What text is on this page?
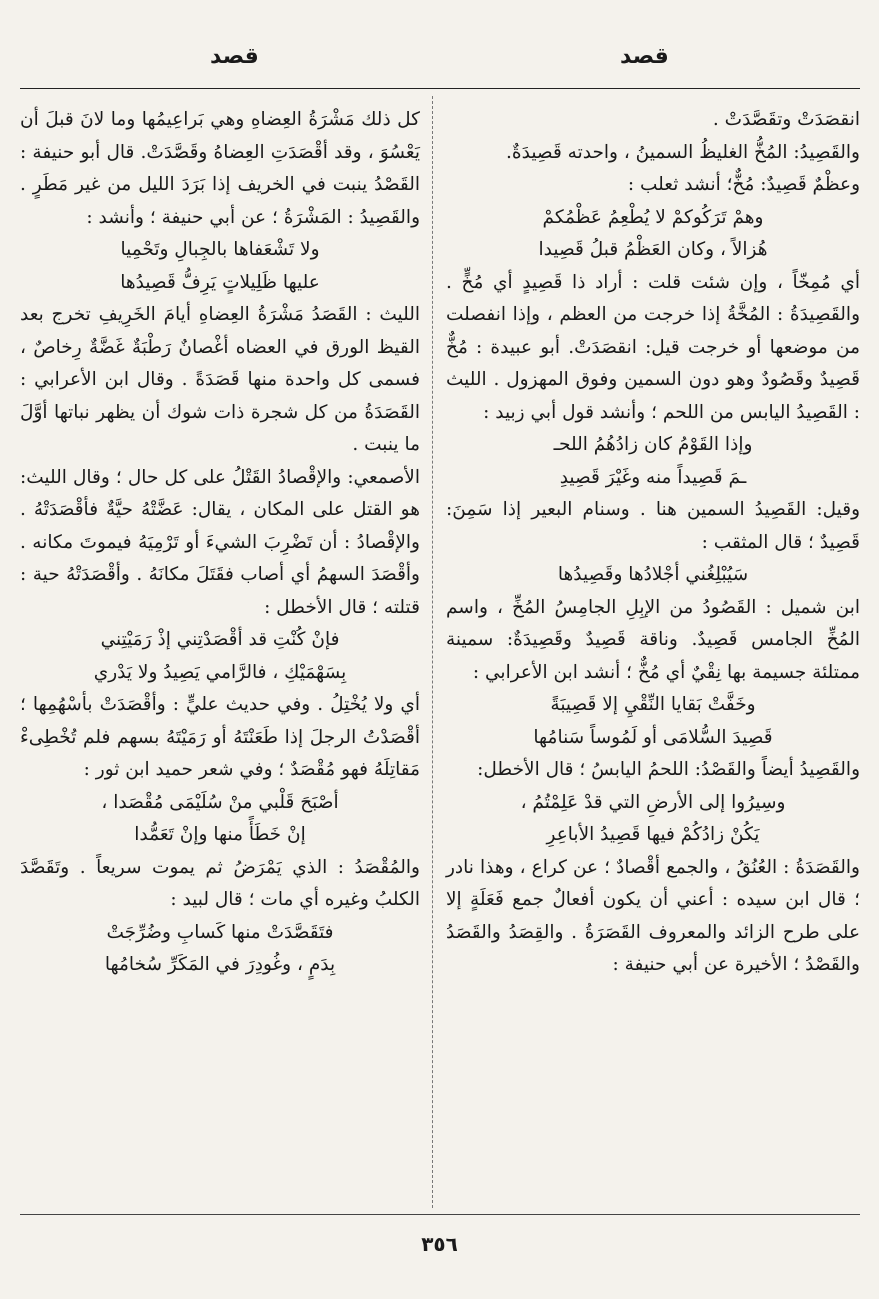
قصد
قصد

انقصَدَتْ وتقَصَّدَتْ .

والقَصِيدُ: المُخُّ الغليظُ السمينُ ، واحدته قَصِيدَةٌ.

وعظْمٌ قَصِيدٌ: مُخٌّ؛ أنشد ثعلب :

وهمْ تَرَكُوكمْ لا يُطْعِمُ عَظْمُكمْ

هُزالاً ، وكان العَظْمُ قبلُ قَصِيدا

أي مُمِخّاً ، وإن شئت قلت : أراد ذا قَصِيدٍ أي مُخٍّ . والقَصِيدَةُ : المُخَّةُ إذا خرجت من العظم ، وإذا انفصلت من موضعها أو خرجت قيل: انقصَدَتْ. أبو عبيدة : مُخٌّ قَصِيدٌ وقَصُودٌ وهو دون السمين وفوق المهزول . الليث : القَصِيدُ اليابس من اللحم ؛ وأنشد قول أبي زبيد :

وإذا القَوْمُ كان زادُهُمُ اللحـ

ـمَ قَصِيداً منه وغَيْرَ قَصِيدِ

وقيل: القَصِيدُ السمين هنا . وسنام البعير إذا سَمِنَ: قَصِيدٌ ؛ قال المثقب :

سَيُبْلِغُني أجْلادُها وقَصِيدُها

ابن شميل : القَصُودُ من الإبِلِ الجامِسُ المُخِّ ، واسم المُخِّ الجامس قَصِيدٌ. وناقة قَصِيدٌ وقَصِيدَةٌ: سمينة ممتلئة جسيمة بها نِقْيٌ أي مُخٌّ ؛ أنشد ابن الأعرابي :

وخَفَّتْ بَقايا النِّقْيِ إلا قَصِيبَةً

قَصِيدَ السُّلامَى أو لَمُوساً سَنامُها

والقَصِيدُ أيضاً والقَصْدُ: اللحمُ اليابسُ ؛ قال الأخطل:

وسِيرُوا إلى الأرضِ التي قدْ عَلِمْتُمُ ،

يَكُنْ زادُكُمْ فيها قَصِيدُ الأباعِرِ

والقَصَدَةُ : العُنُقُ ، والجمع أقْصادٌ ؛ عن كراع ، وهذا نادر ؛ قال ابن سيده : أعني أن يكون أفعالٌ جمع فَعَلَةٍ إلا على طرح الزائد والمعروف القَصَرَةُ . والقِصَدُ والقَصَدُ والقَصْدُ ؛ الأخيرة عن أبي حنيفة :

كل ذلك مَشْرَةُ العِضاهِ وهي بَراعِيمُها وما لانَ قبلَ أن يَعْسُوَ ، وقد أقْصَدَتِ العِضاهُ وقَصَّدَتْ. قال أبو حنيفة : القَصْدُ ينبت في الخريف إذا بَرَدَ الليل من غير مَطَرٍ . والقَصِيدُ : المَشْرَةُ ؛ عن أبي حنيفة ؛ وأنشد :

ولا تَشْعَفاها بالجِبالِ وتَحْمِيا

عليها ظَلِيلاتٍ يَرِفُّ قَصِيدُها

الليث : القَصَدُ مَشْرَةُ العِضاهِ أيامَ الخَرِيفِ تخرج بعد القيظ الورق في العضاه أغْصانٌ رَطْبَةٌ غَضَّةٌ رِخاصٌ ، فسمى كل واحدة منها قَصَدَةً . وقال ابن الأعرابي : القَصَدَةُ من كل شجرة ذات شوك أن يظهر نباتها أوَّلَ ما ينبت .

الأصمعي: والإقْصادُ القَتْلُ على كل حال ؛ وقال الليث: هو القتل على المكان ، يقال: عَضَّتْهُ حيَّةٌ فأقْصَدَتْهُ . والإقْصادُ : أن تَضْرِبَ الشيءَ أو تَرْمِيَهُ فيموتَ مكانه . وأقْصَدَ السهمُ أي أصاب فقَتَلَ مكانَهُ . وأقْصَدَتْهُ حية : قتلته ؛ قال الأخطل :

فإنْ كُنْتِ قد أقْصَدْتِني إذْ رَمَيْتِني

بِسَهْمَيْكِ ، فالرَّامي يَصِيدُ ولا يَدْري

أي ولا يُخْتِلُ . وفي حديث عليٍّ : وأقْصَدَتْ بأسْهُمِها ؛ أقْصَدْتُ الرجلَ إذا طَعَنْتَهُ أو رَمَيْتَهُ بسهم فلم تُخْطِىءْ مَقاتِلَهُ فهو مُقْصَدٌ ؛ وفي شعر حميد ابن ثور :

أصْبَحَ قَلْبي منْ سُلَيْمَى مُقْصَدا ،

إنْ خَطَأً منها وإنْ تَعَمُّدا

والمُقْصَدُ : الذي يَمْرَضُ ثم يموت سريعاً . وتَقَصَّدَ الكلبُ وغيره أي مات ؛ قال لبيد :

فتَقَصَّدَتْ منها كَسابِ وضُرِّجَتْ

بِدَمٍ ، وغُودِرَ في المَكَرِّ سُخامُها

٣٥٦
